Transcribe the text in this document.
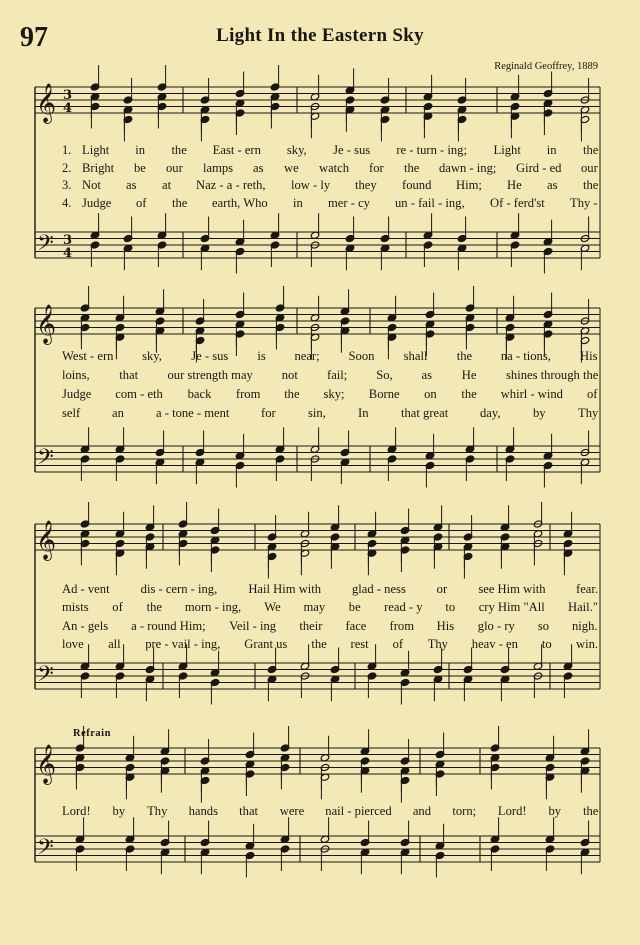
97	Light In the Eastern Sky
Reginald Geoffrey, 1889
Refrain
𝄞
𝄢
3
4
3
4
𝄞
𝄢
𝄞
𝄢
𝄞
𝄢
1. Light in the East - ern sky, Je - sus re - turn - ing; Light in the
2. Bright be our lamps as we watch for the dawn - ing; Gird - ed our
3. Not as at Naz - a - reth, low - ly they found Him; He as the
4. Judge of the earth, Who in mer - cy un - fail - ing, Of - ferd'st Thy -
West - ern sky, Je - sus is near; Soon shall the na - tions, His
loins, that our strength may not fail; So, as He shines through the
Judge com - eth back from the sky; Borne on the whirl - wind of
self	an	a - tone - ment	for	sin,	In	that great	day,	by	Thy
Ad - vent dis - cern - ing, Hail Him with glad - ness or see Him with fear.
mists of the morn - ing, We may be read - y to cry Him "All Hail."
An - gels a - round Him; Veil - ing their face from His glo - ry so nigh.
love all pre - vail - ing, Grant us the rest of Thy heav - en to win.
Lord! by Thy hands that were nail - pierced and torn; Lord! by the
